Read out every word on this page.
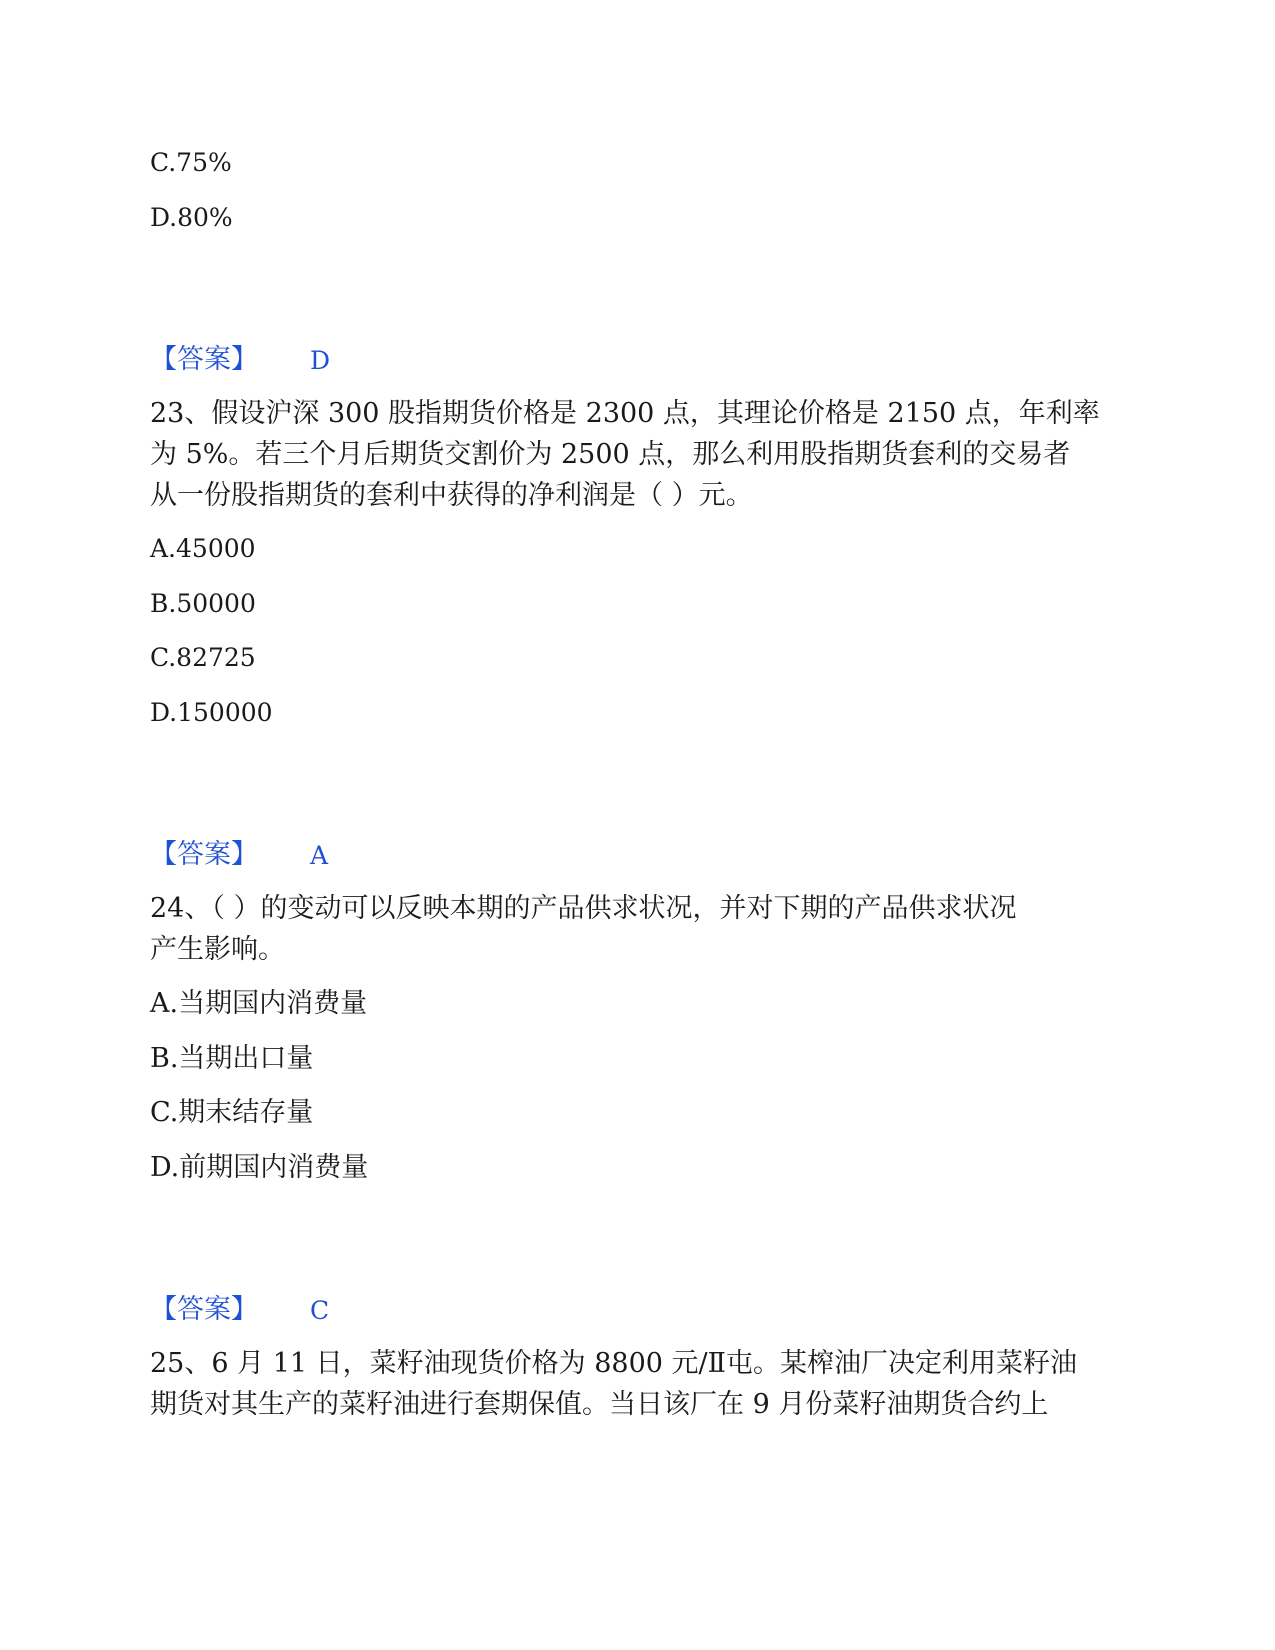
C.75%
D.80%
【答案】 D
23、假设沪深 300 股指期货价格是 2300 点，其理论价格是 2150 点，年利率
为 5%。若三个月后期货交割价为 2500 点，那么利用股指期货套利的交易者
从一份股指期货的套利中获得的净利润是（ ）元。
A.45000
B.50000
C.82725
D.150000
【答案】 A
24、（ ）的变动可以反映本期的产品供求状况，并对下期的产品供求状况
产生影响。
A.当期国内消费量
B.当期出口量
C.期末结存量
D.前期国内消费量
【答案】 C
25、6 月 11 日，菜籽油现货价格为 8800 元/Ⅱ屯。某榨油厂决定利用菜籽油
期货对其生产的菜籽油进行套期保值。当日该厂在 9 月份菜籽油期货合约上
